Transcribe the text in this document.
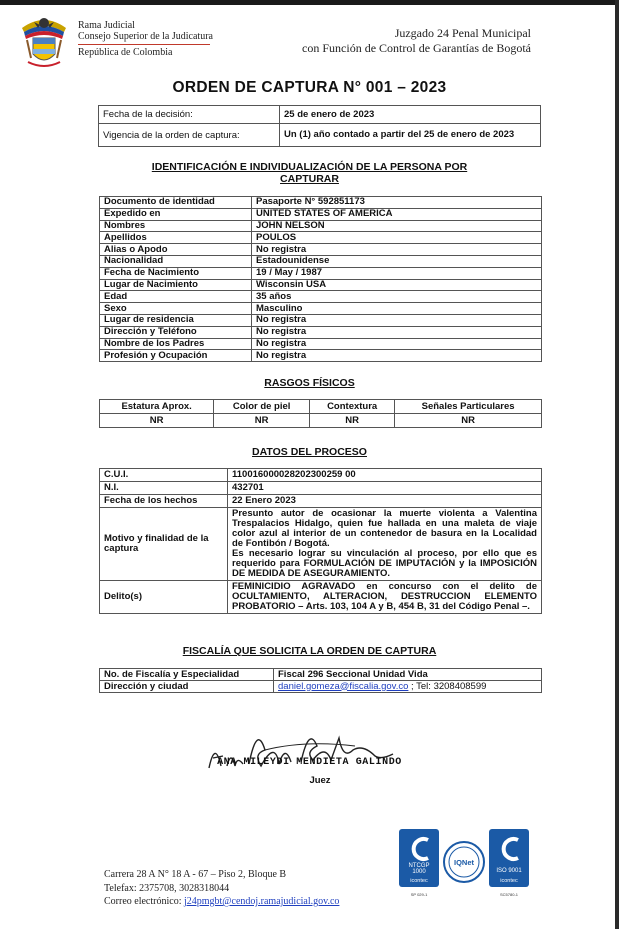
Rama Judicial
Consejo Superior de la Judicatura
República de Colombia
Juzgado 24 Penal Municipal
con Función de Control de Garantías de Bogotá
ORDEN DE CAPTURA N° 001 – 2023
Fecha de la decisión:	25 de enero de 2023
Vigencia de la orden de captura:	Un (1) año contado a partir del 25 de enero de 2023
IDENTIFICACIÓN E INDIVIDUALIZACIÓN DE LA PERSONA POR
CAPTURAR
Documento de identidad	Pasaporte N° 592851173
Expedido en	UNITED STATES OF AMERICA
Nombres	JOHN NELSON
Apellidos	POULOS
Alias o Apodo	No registra
Nacionalidad	Estadounidense
Fecha de Nacimiento	19 / May / 1987
Lugar de Nacimiento	Wisconsin USA
Edad	35 años
Sexo	Masculino
Lugar de residencia	No registra
Dirección y Teléfono	No registra
Nombre de los Padres	No registra
Profesión y Ocupación	No registra
RASGOS FÍSICOS
Estatura Aprox.	Color de piel	Contextura	Señales Particulares
NR	NR	NR	NR
DATOS DEL PROCESO
C.U.I.	110016000028202300259 00
N.I.	432701
Fecha de los hechos	22 Enero 2023
Motivo y finalidad de la captura	Presunto autor de ocasionar la muerte violenta a Valentina Trespalacios Hidalgo, quien fue hallada en una maleta de viaje color azul al interior de un contenedor de basura en la Localidad de Fontibón / Bogotá.
Es necesario lograr su vinculación al proceso, por ello que es requerido para FORMULACIÓN DE IMPUTACIÓN y la IMPOSICIÓN DE MEDIDA DE ASEGURAMIENTO.

Delito(s)	FEMINICIDIO AGRAVADO en concurso con el delito de OCULTAMIENTO, ALTERACION, DESTRUCCION ELEMENTO PROBATORIO – Arts. 103, 104 A y B, 454 B, 31 del Código Penal –.
FISCALÍA QUE SOLICITA LA ORDEN DE CAPTURA
No. de Fiscalía y Especialidad	Fiscal 296 Seccional Unidad Vida
Dirección y ciudad	daniel.gomeza@fiscalia.gov.co ; Tel: 3208408599
ANA MILEYDI MENDIETA GALINDO
Juez
Carrera 28 A N° 18 A - 67 – Piso 2, Bloque B
Telefax: 2375708, 3028318044
Correo electrónico: j24pmgbt@cendoj.ramajudicial.gov.co
NTCGP
1000
icontec
SP 029-1
IQNet
ISO 9001
icontec
SC5780-1
